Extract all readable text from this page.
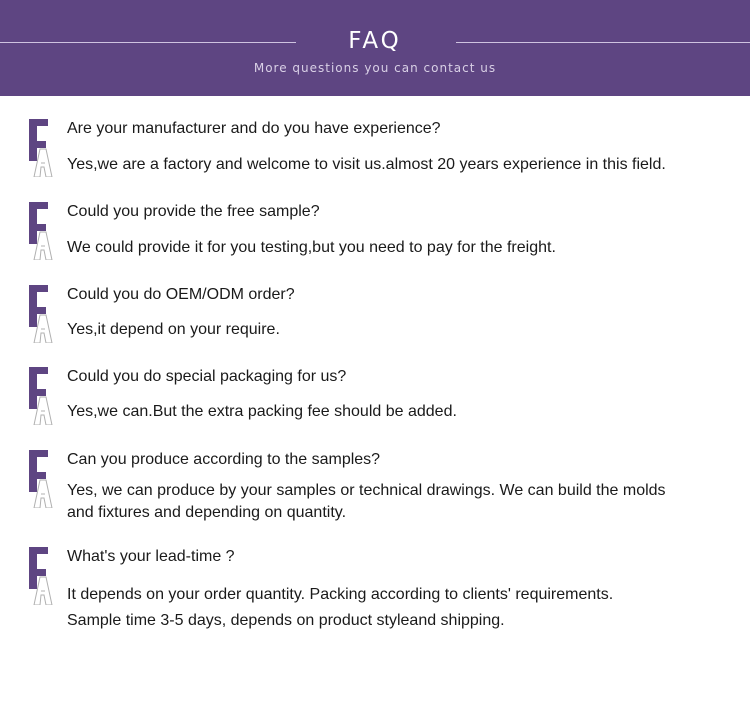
FAQ
More questions you can contact us
Are your manufacturer and do you have experience?
Yes,we are a factory and welcome to visit us.almost 20 years experience in this field.
Could you provide the free sample?
We could provide it for you testing,but you need to pay for the freight.
Could you do OEM/ODM order?
Yes,it depend on your require.
Could you do special packaging for us?
Yes,we can.But the extra packing fee should be added.
Can you produce according to the samples?
Yes, we can produce by your samples or technical drawings. We can build the molds
and fixtures and depending on quantity.
What's your lead-time ?
It depends on your order quantity. Packing according to clients' requirements.
Sample time 3-5 days, depends on product styleand shipping.
